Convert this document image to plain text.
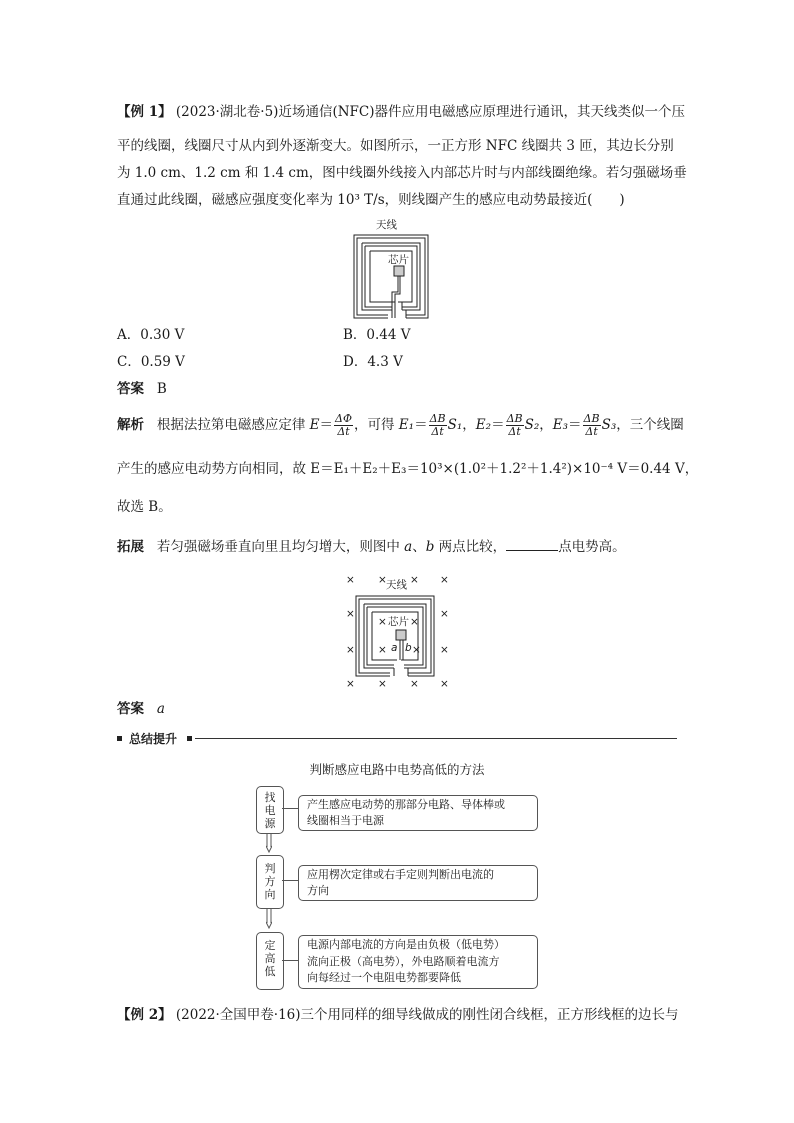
【例 1】 (2023·湖北卷·5)近场通信(NFC)器件应用电磁感应原理进行通讯，其天线类似一个压
平的线圈，线圈尺寸从内到外逐渐变大。如图所示，一正方形 NFC 线圈共 3 匝，其边长分别
为 1.0 cm、1.2 cm 和 1.4 cm，图中线圈外线接入内部芯片时与内部线圈绝缘。若匀强磁场垂
直通过此线圈，磁感应强度变化率为 10³ T/s，则线圈产生的感应电动势最接近(　　)
天线
芯片
A．0.30 V	B．0.44 V
C．0.59 V	D．4.3 V
答案 B
解析 根据法拉第电磁感应定律 $E= \frac{\Delta\Phi}{\Delta t}$ ，可得 $E_1= \frac{\Delta B}{\Delta t} S_1$，$E_2= \frac{\Delta B}{\Delta t} S_2$，$E_3= \frac{\Delta B}{\Delta t} S_3$，三个线圈
产生的感应电动势方向相同，故 E＝E₁＋E₂＋E₃＝10³×(1.0²＋1.2²＋1.4²)×10⁻⁴ V＝0.44 V，
故选 B。
拓展 若匀强磁场垂直向里且均匀增大，则图中 a、b 两点比较，	点电势高。
天线
芯片
a b
× × × ×
×
× ×
×
× × × ×
× × × ×
答案 a
总结提升
判断感应电路中电势高低的方法
找电源
产生感应电动势的那部分电路、导体棒或
线圈相当于电源
判方向
应用楞次定律或右手定则判断出电流的
方向
定高低
电源内部电流的方向是由负极（低电势）
流向正极（高电势），外电路顺着电流方
向每经过一个电阻电势都要降低
【例 2】 (2022·全国甲卷·16)三个用同样的细导线做成的刚性闭合线框，正方形线框的边长与
